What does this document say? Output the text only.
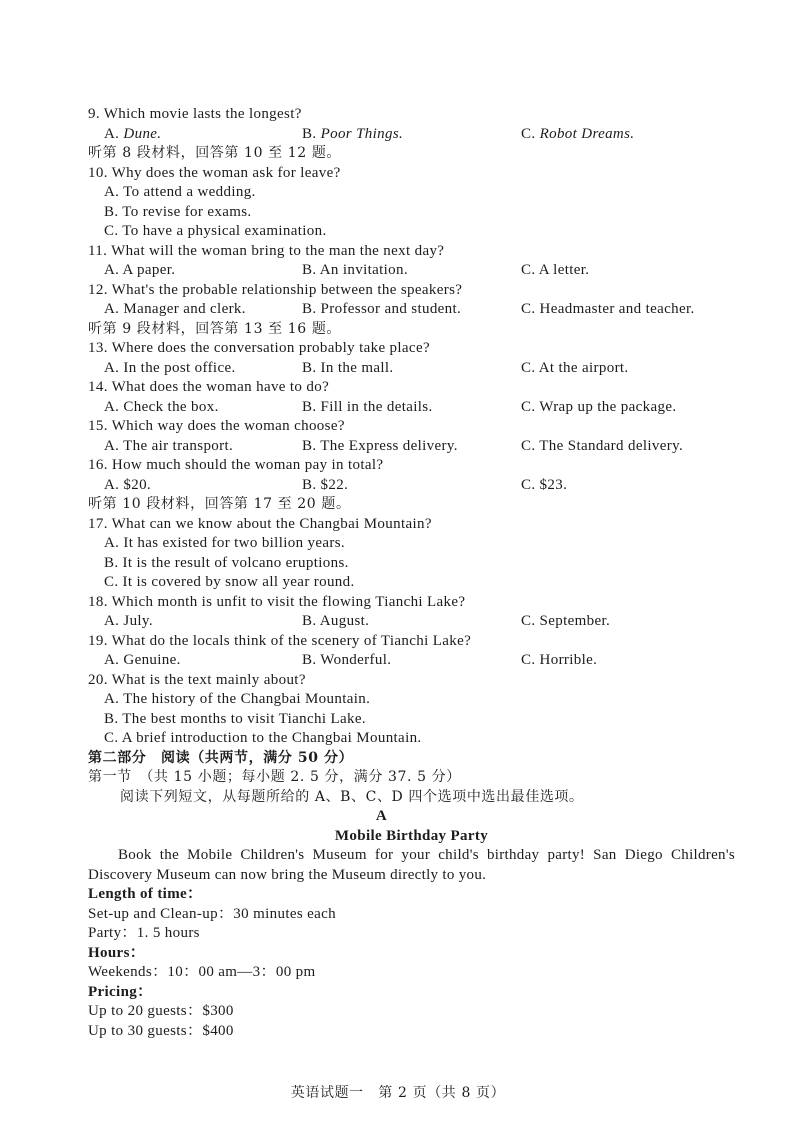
9. Which movie lasts the longest?
A. Dune.	B. Poor Things.	C. Robot Dreams.
听第 8 段材料，回答第 10 至 12 题。
10. Why does the woman ask for leave?
A. To attend a wedding.
B. To revise for exams.
C. To have a physical examination.
11. What will the woman bring to the man the next day?
A. A paper.	B. An invitation.	C. A letter.
12. What's the probable relationship between the speakers?
A. Manager and clerk.	B. Professor and student.	C. Headmaster and teacher.
听第 9 段材料，回答第 13 至 16 题。
13. Where does the conversation probably take place?
A. In the post office.	B. In the mall.	C. At the airport.
14. What does the woman have to do?
A. Check the box.	B. Fill in the details.	C. Wrap up the package.
15. Which way does the woman choose?
A. The air transport.	B. The Express delivery.	C. The Standard delivery.
16. How much should the woman pay in total?
A. $20.	B. $22.	C. $23.
听第 10 段材料，回答第 17 至 20 题。
17. What can we know about the Changbai Mountain?
A. It has existed for two billion years.
B. It is the result of volcano eruptions.
C. It is covered by snow all year round.
18. Which month is unfit to visit the flowing Tianchi Lake?
A. July.	B. August.	C. September.
19. What do the locals think of the scenery of Tianchi Lake?
A. Genuine.	B. Wonderful.	C. Horrible.
20. What is the text mainly about?
A. The history of the Changbai Mountain.
B. The best months to visit Tianchi Lake.
C. A brief introduction to the Changbai Mountain.
第二部分　阅读（共两节，满分 50 分）
第一节　（共 15 小题；每小题 2. 5 分，满分 37. 5 分）
阅读下列短文，从每题所给的 A、B、C、D 四个选项中选出最佳选项。
A
Mobile Birthday Party
Book the Mobile Children's Museum for your child's birthday party! San Diego Children's
Discovery Museum can now bring the Museum directly to you.
Length of time：
Set-up and Clean-up：30 minutes each
Party：1. 5 hours
Hours：
Weekends：10：00 am—3：00 pm
Pricing：
Up to 20 guests：$300
Up to 30 guests：$400
英语试题一　第 2 页（共 8 页）
